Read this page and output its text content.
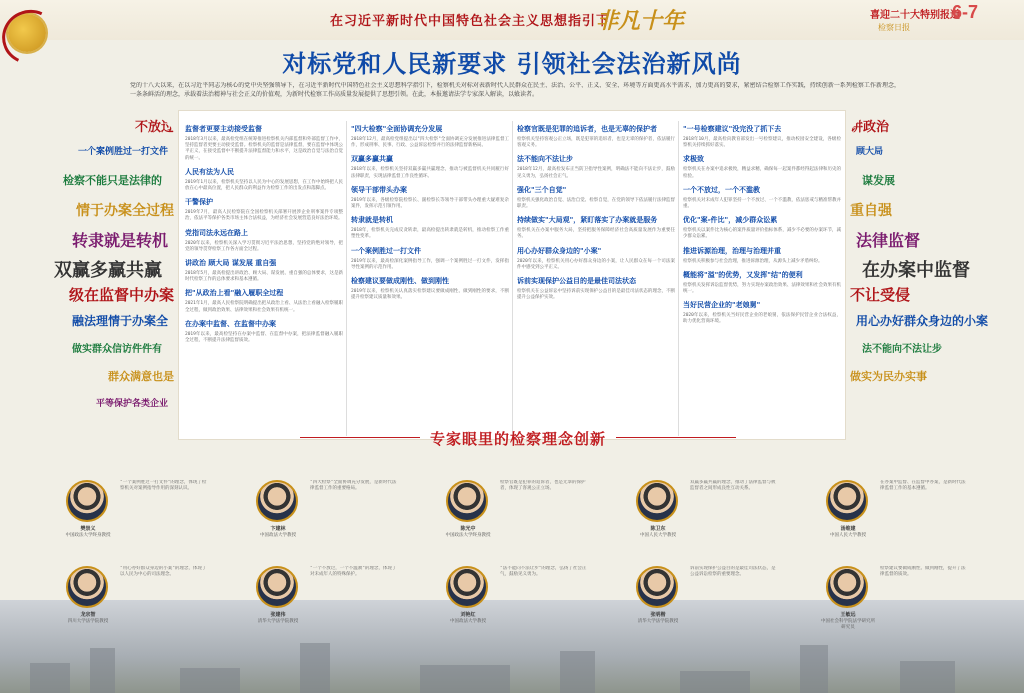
在习近平新时代中国特色社会主义思想指引下
非凡十年	喜迎二十大特别报道
6-7
检察日报
对标党和人民新要求 引领社会法治新风尚

党的十八大以来，在以习近平同志为核心的党中央坚强领导下，在习近平新时代中国特色社会主义思想科学指引下，检察机关对标对表新时代人民群众在民主、法治、公平、正义、安全、环境等方面更高水平需求，加力更高的要求，紧密结合检察工作实践，持续创新一系列检察工作新理念，一条条鲜活的理念，承载着法治精神与社会正义的价值观，为新时代检察工作高质量发展提供了思想引领。在此，本报邀请法学专家深入解读，以飨读者。

不放过
一个案例胜过一打文件
检察不能只是法律的
情于办案全过程
转隶就是转机
双赢多赢共赢
级在监督中办案
融法理情于办案全
做实群众信访件件有
群众满意也是
平等保护各类企业
讲政治
顾大局
谋发展
重自强
法律监督
在办案中监督
不让受侵
用心办好群众身边的小案
法不能向不法让步
做实为民办实事
监督者更要主动接受监督

2018年3月以来，最高检党组在统筹推进检察机关内部监督和外部监督工作中，坚持监督者更要主动接受监督。检察机关的监督是法律监督，要在监督中体现公平正义，在接受监督中不断提升法律监督能力和水平，这是政治自觉与法治自觉的统一。

人民有法为人民

2019年1月以来，检察机关坚持以人民为中心的发展思想，在工作中始终把人民放在心中最高位置，把人民群众的利益作为检察工作的出发点和落脚点。

干警保护

2019年7月，最高人民检察院在全国检察机关部署开展涉企业刑事案件专项整治，依法平等保护各类市场主体合法权益，为经济社会发展营造良好法治环境。

党指司法永远在路上

2020年以来，检察机关深入学习贯彻习近平法治思想，坚持党的绝对领导，把党的领导贯穿检察工作各方面全过程。

讲政治 顾大局 谋发展 重自强

2018年5月，最高检提出讲政治、顾大局、谋发展、重自强的总体要求，这是新时代检察工作的总体要求和基本遵循。

把"从政治上看"融入履职全过程

2021年1月，最高人民检察院明确提出把从政治上看、从法治上看融入检察履职全过程，做到政治效果、法律效果和社会效果有机统一。

在办案中监督、在监督中办案

2019年以来，最高检坚持在办案中监督、在监督中办案，把法律监督融入履职全过程，不断提升法律监督质效。

"四大检察"全面协调充分发展

2018年12月，最高检党组提出以"四大检察"全面协调充分发展推进法律监督工作，形成刑事、民事、行政、公益诉讼检察并行的法律监督新格局。

双赢多赢共赢

2018年以来，检察机关坚持双赢多赢共赢理念，推动与被监督机关共同履行好法律职责，实现法律监督工作良性循环。

领导干部带头办案

2019年以来，各级检察院检察长、副检察长等领导干部带头办理重大疑难复杂案件，发挥示范引领作用。

转隶就是转机

2018年，检察机关完成反贪转隶，最高检提出转隶就是转机，推动检察工作重塑性变革。

一个案例胜过一打文件

2019年以来，最高检深化案例指导工作，强调一个案例胜过一打文件，发挥指导性案例的示范作用。

检察建议要做成刚性、做到刚性

2019年以来，检察机关认真落实检察建议要做成刚性、做到刚性的要求，不断提升检察建议质量和效果。

检察官既是犯罪的追诉者，也是无辜的保护者

检察机关坚持客观公正立场，既是犯罪的追诉者，也是无辜的保护者，依法履行客观义务。

法不能向不法让步

2018年12月，最高检发布正当防卫指导性案例，明确法不能向不法让步，鼓励见义勇为，弘扬社会正气。

强化"三个自觉"

检察机关强化政治自觉、法治自觉、检察自觉，在党的领导下依法履行法律监督职责。

持续做实"大局观"，紧盯落实了办案就是服务

检察机关在办案中服务大局，坚持把服务保障经济社会高质量发展作为重要任务。

用心办好群众身边的"小案"

2020年以来，检察机关用心办好群众身边的小案，让人民群众在每一个司法案件中感受到公平正义。

诉前实现保护公益目的是最佳司法状态

检察机关在公益诉讼中坚持诉前实现保护公益目的是最佳司法状态的理念，不断提升公益保护实效。

"一号检察建议"没完没了抓下去

2018年10月，最高检向教育部发出一号检察建议，推动校园安全建设，各级检察机关持续抓好落实。

求极致

检察机关在办案中追求极致，精益求精，确保每一起案件都经得起法律和历史的检验。

一个不放过，一个不滥教

检察机关对未成年人犯罪坚持一个不放过、一个不滥教，依法惩戒与精准帮教并重。

优化"案-件比"，减少群众讼累

检察机关以案件比为核心的案件质量评价指标体系，减少不必要的办案环节，减少群众讼累。

推进诉源治理，治理与治理并重

检察机关积极参与社会治理，推进诉源治理，从源头上减少矛盾纠纷。

概能将"溢"的优势，又发挥"结"的便利

检察机关发挥诉讼监督优势，努力实现办案政治效果、法律效果和社会效果有机统一。

当好民营企业的"老娘舅"

2020年以来，检察机关当好民营企业的老娘舅，依法保护民营企业合法权益，助力优化营商环境。

专家眼里的检察理念创新
樊崇义
中国政法大学终身教授
"一个案例胜过一打文件"的理念，体现了检察机关对案例指导作用的深刻认识。
卞建林
中国政法大学教授
"四大检察"全面协调充分发展，是新时代法律监督工作的重要格局。
陈光中
中国政法大学终身教授
检察官既是犯罪的追诉者，也是无辜的保护者，体现了客观公正立场。
陈卫东
中国人民大学教授
双赢多赢共赢的理念，推动了法律监督与被监督者之间形成良性互动关系。
汤维建
中国人民大学教授
在办案中监督、在监督中办案，是新时代法律监督工作的基本遵循。
龙宗智
四川大学法学院教授
"用心办好群众身边的小案"的理念，体现了以人民为中心的司法理念。
张建伟
清华大学法学院教授
"一个不放过，一个不滥教"的理念，体现了对未成年人的特殊保护。
刘艳红
中国政法大学教授
"法不能向不法让步"的理念，弘扬了社会正气，鼓励见义勇为。
张明楷
清华大学法学院教授
诉前实现保护公益目的是最佳司法状态，是公益诉讼检察的重要理念。
王敏远
中国社会科学院法学研究所研究员
检察建议要做成刚性、做到刚性，提升了法律监督的质效。
